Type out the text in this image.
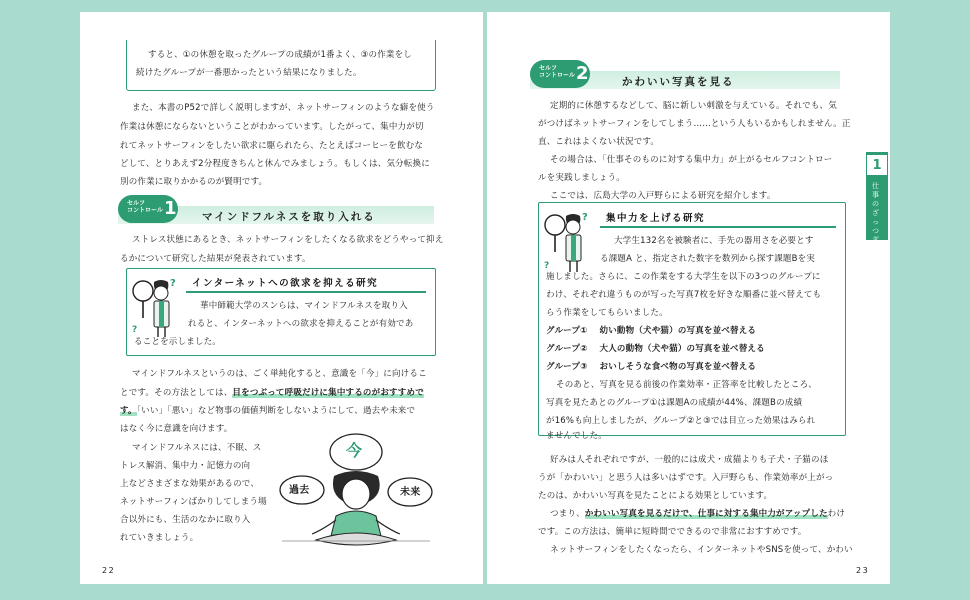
すると、①の休憩を取ったグループの成績が1番よく、③の作業をし
続けたグループが一番悪かったという結果になりました。
また、本書のP52で詳しく説明しますが、ネットサーフィンのような癖を使う
作業は休憩にならないということがわかっています。したがって、集中力が切
れてネットサーフィンをしたい欲求に駆られたら、たとえばコーヒーを飲むな
どして、とりあえず2分程度きちんと休んでみましょう。もしくは、気分転換に
別の作業に取りかかるのが賢明です。
セルフ
コントロール 1 マインドフルネスを取り入れる
ストレス状態にあるとき、ネットサーフィンをしたくなる欲求をどうやって抑え
るかについて研究した結果が発表されています。
?
?
インターネットへの欲求を抑える研究
華中師範大学のスンらは、マインドフルネスを取り入
れると、インターネットへの欲求を抑えることが有効であ
ることを示しました。
マインドフルネスというのは、ごく単純化すると、意識を「今」に向けるこ
とです。その方法としては、目をつぶって呼吸だけに集中するのがおすすめで
す。「いい」「悪い」など物事の価値判断をしないようにして、過去や未来で
はなく今に意識を向けます。
マインドフルネスには、不眠、ス
トレス解消、集中力・記憶力の向
上などさまざまな効果があるので、
ネットサーフィンばかりしてしまう場
合以外にも、生活のなかに取り入
れていきましょう。
今
過去	未来
22
セルフ
コントロール 2	かわいい写真を見る
定期的に休憩するなどして、脳に新しい刺激を与えている。それでも、気
がつけばネットサーフィンをしてしまう……という人もいるかもしれません。正
直、これはよくない状況です。
その場合は、「仕事そのものに対する集中力」が上がるセルフコントロー
ルを実践しましょう。
ここでは、広島大学の入戸野らによる研究を紹介します。
?
?
集中力を上げる研究
大学生132名を被験者に、手先の器用さを必要とす
る課題A と、指定された数字を数列から探す課題Bを実
施しました。さらに、この作業をする大学生を以下の3つのグループに
わけ、それぞれ違うものが写った写真7枚を好きな順番に並べ替えても
らう作業をしてもらいました。
グループ① 幼い動物（犬や猫）の写真を並べ替える
グループ② 大人の動物（犬や猫）の写真を並べ替える
グループ③ おいしそうな食べ物の写真を並べ替える
そのあと、写真を見る前後の作業効率・正答率を比較したところ、
写真を見たあとのグループ①は課題Aの成績が44%、課題Bの成績
が16%も向上しましたが、グループ②と③では目立った効果はみられ
ませんでした。
好みは人それぞれですが、一般的には成犬・成猫よりも子犬・子猫のほ
うが「かわいい」と思う人は多いはずです。入戸野らも、作業効率が上がっ
たのは、かわいい写真を見たことによる効果としています。
つまり、かわいい写真を見るだけで、仕事に対する集中力がアップしたわけ
です。この方法は、簡単に短時間でできるので非常におすすめです。
ネットサーフィンをしたくなったら、インターネットやSNSを使って、かわい
23
1
仕事のざっつぎる
